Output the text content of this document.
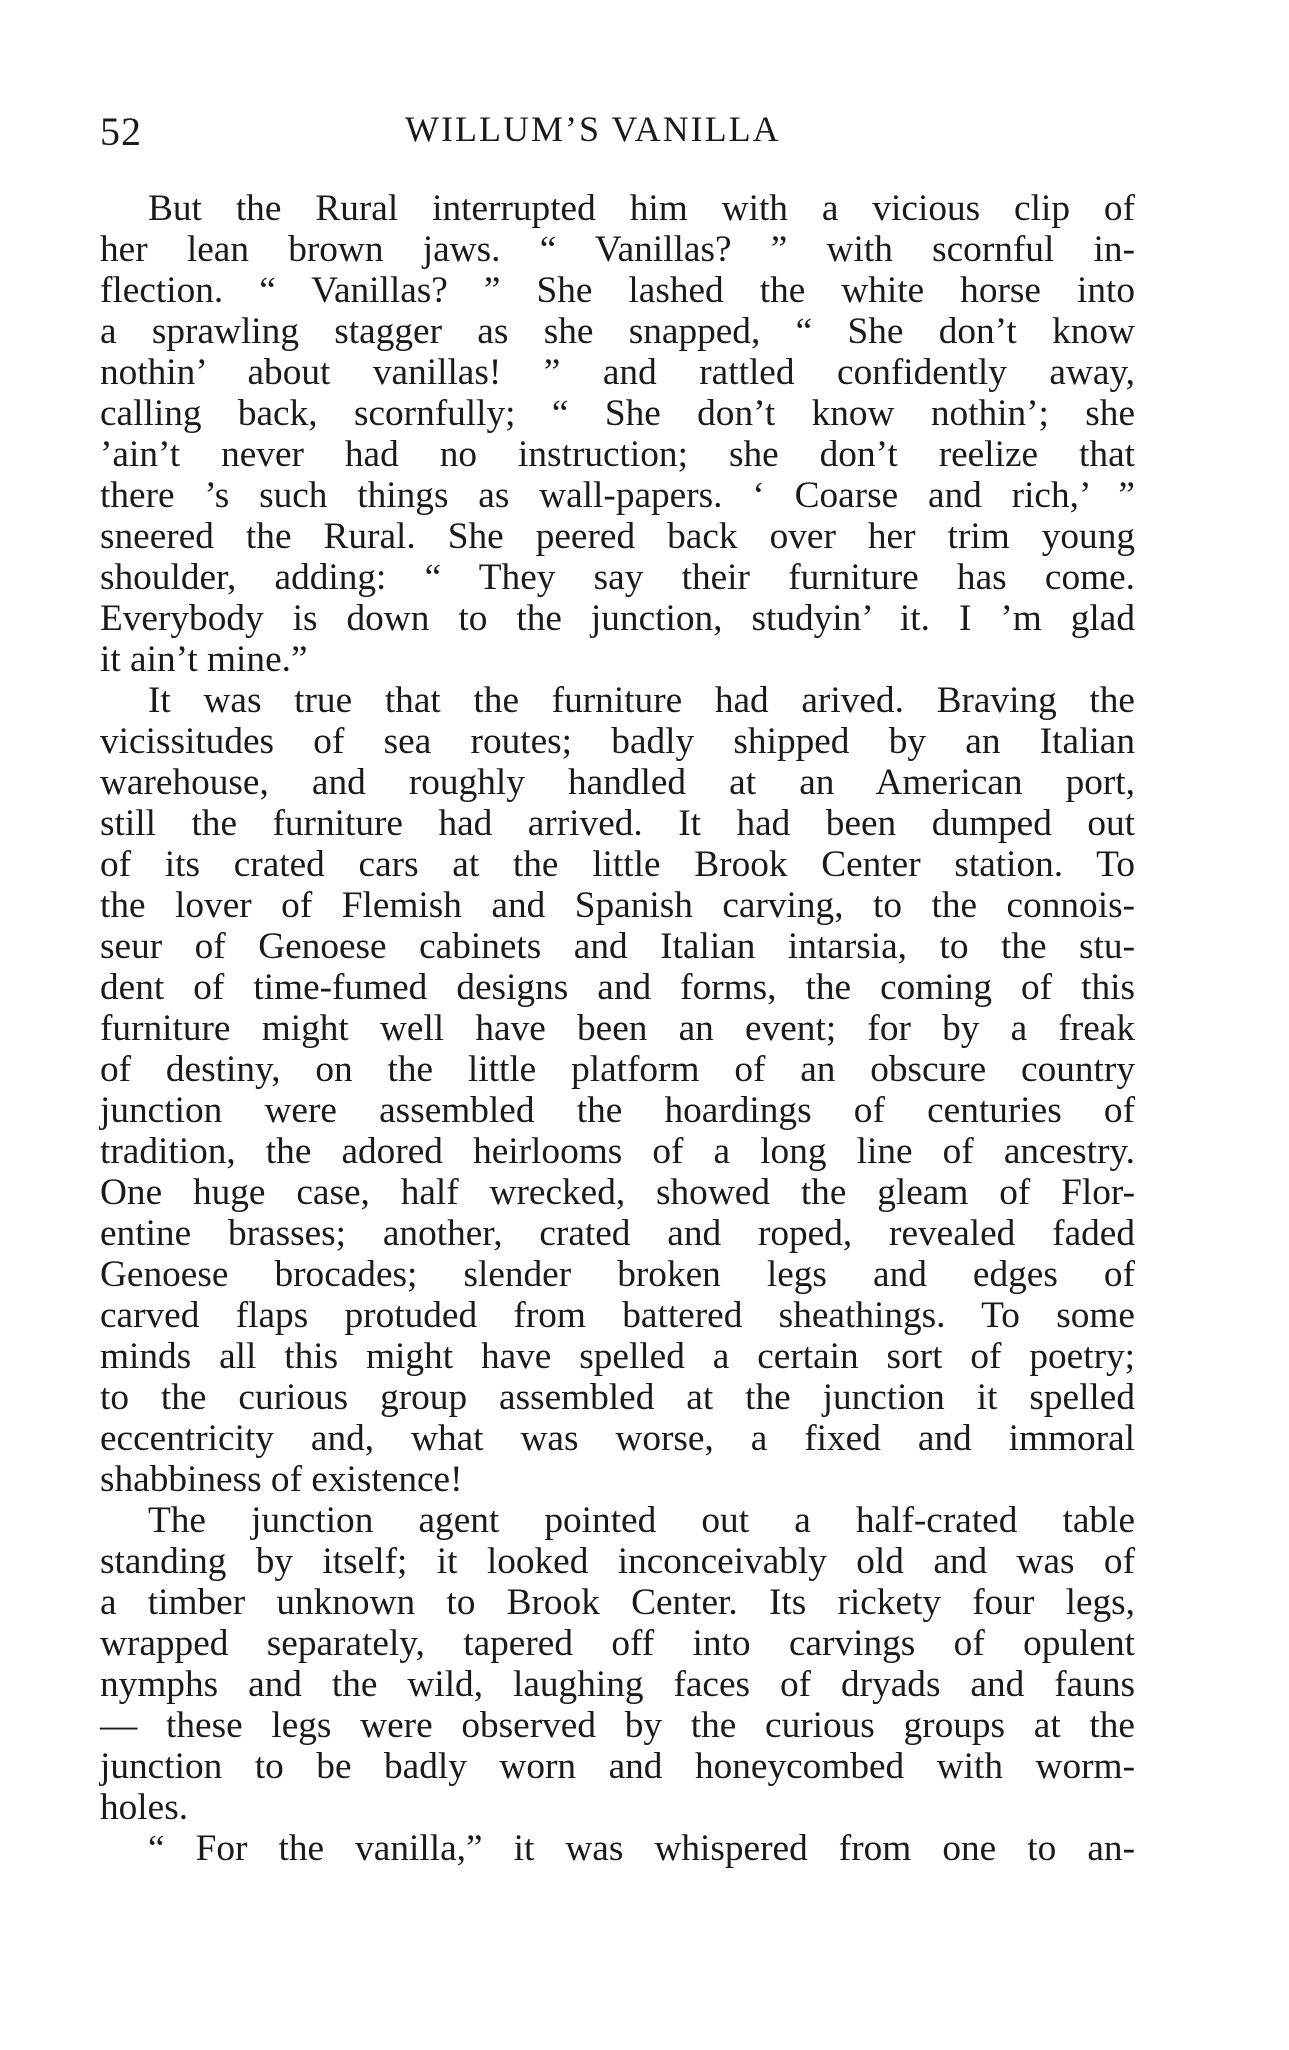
52	WILLUM’S VANILLA
But the Rural interrupted him with a vicious clip of
her lean brown jaws. “ Vanillas? ” with scornful in-
flection. “ Vanillas? ” She lashed the white horse into
a sprawling stagger as she snapped, “ She don’t know
nothin’ about vanillas! ” and rattled confidently away,
calling back, scornfully; “ She don’t know nothin’; she
’ain’t never had no instruction; she don’t reelize that
there ’s such things as wall-papers. ‘ Coarse and rich,’ ”
sneered the Rural. She peered back over her trim young
shoulder, adding: “ They say their furniture has come.
Everybody is down to the junction, studyin’ it. I ’m glad
it ain’t mine.”
It was true that the furniture had arived. Braving the
vicissitudes of sea routes; badly shipped by an Italian
warehouse, and roughly handled at an American port,
still the furniture had arrived. It had been dumped out
of its crated cars at the little Brook Center station. To
the lover of Flemish and Spanish carving, to the connois-
seur of Genoese cabinets and Italian intarsia, to the stu-
dent of time-fumed designs and forms, the coming of this
furniture might well have been an event; for by a freak
of destiny, on the little platform of an obscure country
junction were assembled the hoardings of centuries of
tradition, the adored heirlooms of a long line of ancestry.
One huge case, half wrecked, showed the gleam of Flor-
entine brasses; another, crated and roped, revealed faded
Genoese brocades; slender broken legs and edges of
carved flaps protuded from battered sheathings. To some
minds all this might have spelled a certain sort of poetry;
to the curious group assembled at the junction it spelled
eccentricity and, what was worse, a fixed and immoral
shabbiness of existence!
The junction agent pointed out a half-crated table
standing by itself; it looked inconceivably old and was of
a timber unknown to Brook Center. Its rickety four legs,
wrapped separately, tapered off into carvings of opulent
nymphs and the wild, laughing faces of dryads and fauns
— these legs were observed by the curious groups at the
junction to be badly worn and honeycombed with worm-
holes.
“ For the vanilla,” it was whispered from one to an-
